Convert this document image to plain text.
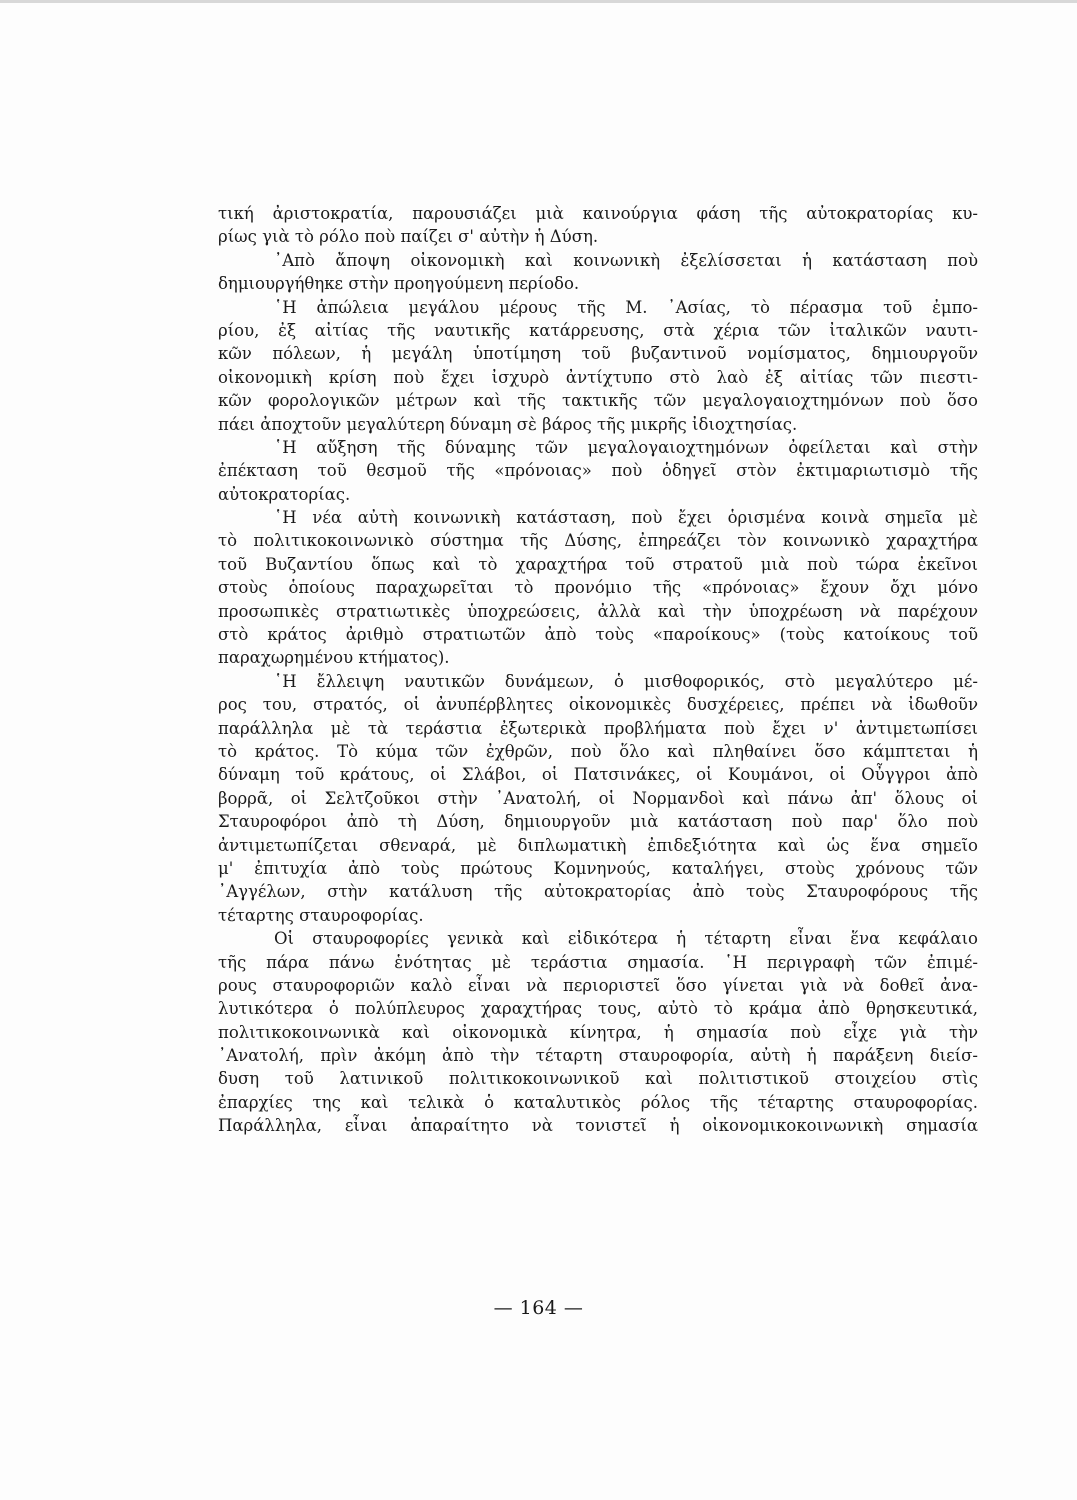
τική ἀριστοκρατία, παρουσιάζει μιὰ καινούργια φάση τῆς αὐτοκρατορίας κυ-
ρίως γιὰ τὸ ρόλο ποὺ παίζει σ' αὐτὴν ἡ Δύση.
᾿Απὸ ἄποψη οἰκονομικὴ καὶ κοινωνικὴ ἐξελίσσεται ἡ κατάσταση ποὺ
δημιουργήθηκε στὴν προηγούμενη περίοδο.
῾Η ἀπώλεια μεγάλου μέρους τῆς Μ. ᾿Ασίας, τὸ πέρασμα τοῦ ἐμπο-
ρίου, ἐξ αἰτίας τῆς ναυτικῆς κατάρρευσης, στὰ χέρια τῶν ἰταλικῶν ναυτι-
κῶν πόλεων, ἡ μεγάλη ὑποτίμηση τοῦ βυζαντινοῦ νομίσματος, δημιουργοῦν
οἰκονομικὴ κρίση ποὺ ἔχει ἰσχυρὸ ἀντίχτυπο στὸ λαὸ ἐξ αἰτίας τῶν πιεστι-
κῶν φορολογικῶν μέτρων καὶ τῆς τακτικῆς τῶν μεγαλογαιοχτημόνων ποὺ ὅσο
πάει ἀποχτοῦν μεγαλύτερη δύναμη σὲ βάρος τῆς μικρῆς ἰδιοχτησίας.
῾Η αὔξηση τῆς δύναμης τῶν μεγαλογαιοχτημόνων ὀφείλεται καὶ στὴν
ἐπέκταση τοῦ θεσμοῦ τῆς «πρόνοιας» ποὺ ὁδηγεῖ στὸν ἐκτιμαριωτισμὸ τῆς
αὐτοκρατορίας.
῾Η νέα αὐτὴ κοινωνικὴ κατάσταση, ποὺ ἔχει ὁρισμένα κοινὰ σημεῖα μὲ
τὸ πολιτικοκοινωνικὸ σύστημα τῆς Δύσης, ἐπηρεάζει τὸν κοινωνικὸ χαραχτήρα
τοῦ Βυζαντίου ὅπως καὶ τὸ χαραχτήρα τοῦ στρατοῦ μιὰ ποὺ τώρα ἐκεῖνοι
στοὺς ὁποίους παραχωρεῖται τὸ προνόμιο τῆς «πρόνοιας» ἔχουν ὄχι μόνο
προσωπικὲς στρατιωτικὲς ὑποχρεώσεις, ἀλλὰ καὶ τὴν ὑποχρέωση νὰ παρέχουν
στὸ κράτος ἀριθμὸ στρατιωτῶν ἀπὸ τοὺς «παροίκους» (τοὺς κατοίκους τοῦ
παραχωρημένου κτήματος).
῾Η ἔλλειψη ναυτικῶν δυνάμεων, ὁ μισθοφορικός, στὸ μεγαλύτερο μέ-
ρος του, στρατός, οἱ ἀνυπέρβλητες οἰκονομικὲς δυσχέρειες, πρέπει νὰ ἰδωθοῦν
παράλληλα μὲ τὰ τεράστια ἐξωτερικὰ προβλήματα ποὺ ἔχει ν' ἀντιμετωπίσει
τὸ κράτος. Τὸ κύμα τῶν ἐχθρῶν, ποὺ ὅλο καὶ πληθαίνει ὅσο κάμπτεται ἡ
δύναμη τοῦ κράτους, οἱ Σλάβοι, οἱ Πατσινάκες, οἱ Κουμάνοι, οἱ Οὖγγροι ἀπὸ
βορρᾶ, οἱ Σελτζοῦκοι στὴν ᾿Ανατολή, οἱ Νορμανδοὶ καὶ πάνω ἀπ' ὅλους οἱ
Σταυροφόροι ἀπὸ τὴ Δύση, δημιουργοῦν μιὰ κατάσταση ποὺ παρ' ὅλο ποὺ
ἀντιμετωπίζεται σθεναρά, μὲ διπλωματικὴ ἐπιδεξιότητα καὶ ὡς ἕνα σημεῖο
μ' ἐπιτυχία ἀπὸ τοὺς πρώτους Κομνηνούς, καταλήγει, στοὺς χρόνους τῶν
᾿Αγγέλων, στὴν κατάλυση τῆς αὐτοκρατορίας ἀπὸ τοὺς Σταυροφόρους τῆς
τέταρτης σταυροφορίας.
Οἱ σταυροφορίες γενικὰ καὶ εἰδικότερα ἡ τέταρτη εἶναι ἕνα κεφάλαιο
τῆς πάρα πάνω ἑνότητας μὲ τεράστια σημασία. ῾Η περιγραφὴ τῶν ἐπιμέ-
ρους σταυροφοριῶν καλὸ εἶναι νὰ περιοριστεῖ ὅσο γίνεται γιὰ νὰ δοθεῖ ἀνα-
λυτικότερα ὁ πολύπλευρος χαραχτήρας τους, αὐτὸ τὸ κράμα ἀπὸ θρησκευτικά,
πολιτικοκοινωνικὰ καὶ οἰκονομικὰ κίνητρα, ἡ σημασία ποὺ εἶχε γιὰ τὴν
᾿Ανατολή, πρὶν ἀκόμη ἀπὸ τὴν τέταρτη σταυροφορία, αὐτὴ ἡ παράξενη διείσ-
δυση τοῦ λατινικοῦ πολιτικοκοινωνικοῦ καὶ πολιτιστικοῦ στοιχείου στὶς
ἐπαρχίες της καὶ τελικὰ ὁ καταλυτικὸς ρόλος τῆς τέταρτης σταυροφορίας.
Παράλληλα, εἶναι ἀπαραίτητο νὰ τονιστεῖ ἡ οἰκονομικοκοινωνικὴ σημασία
— 164 —
